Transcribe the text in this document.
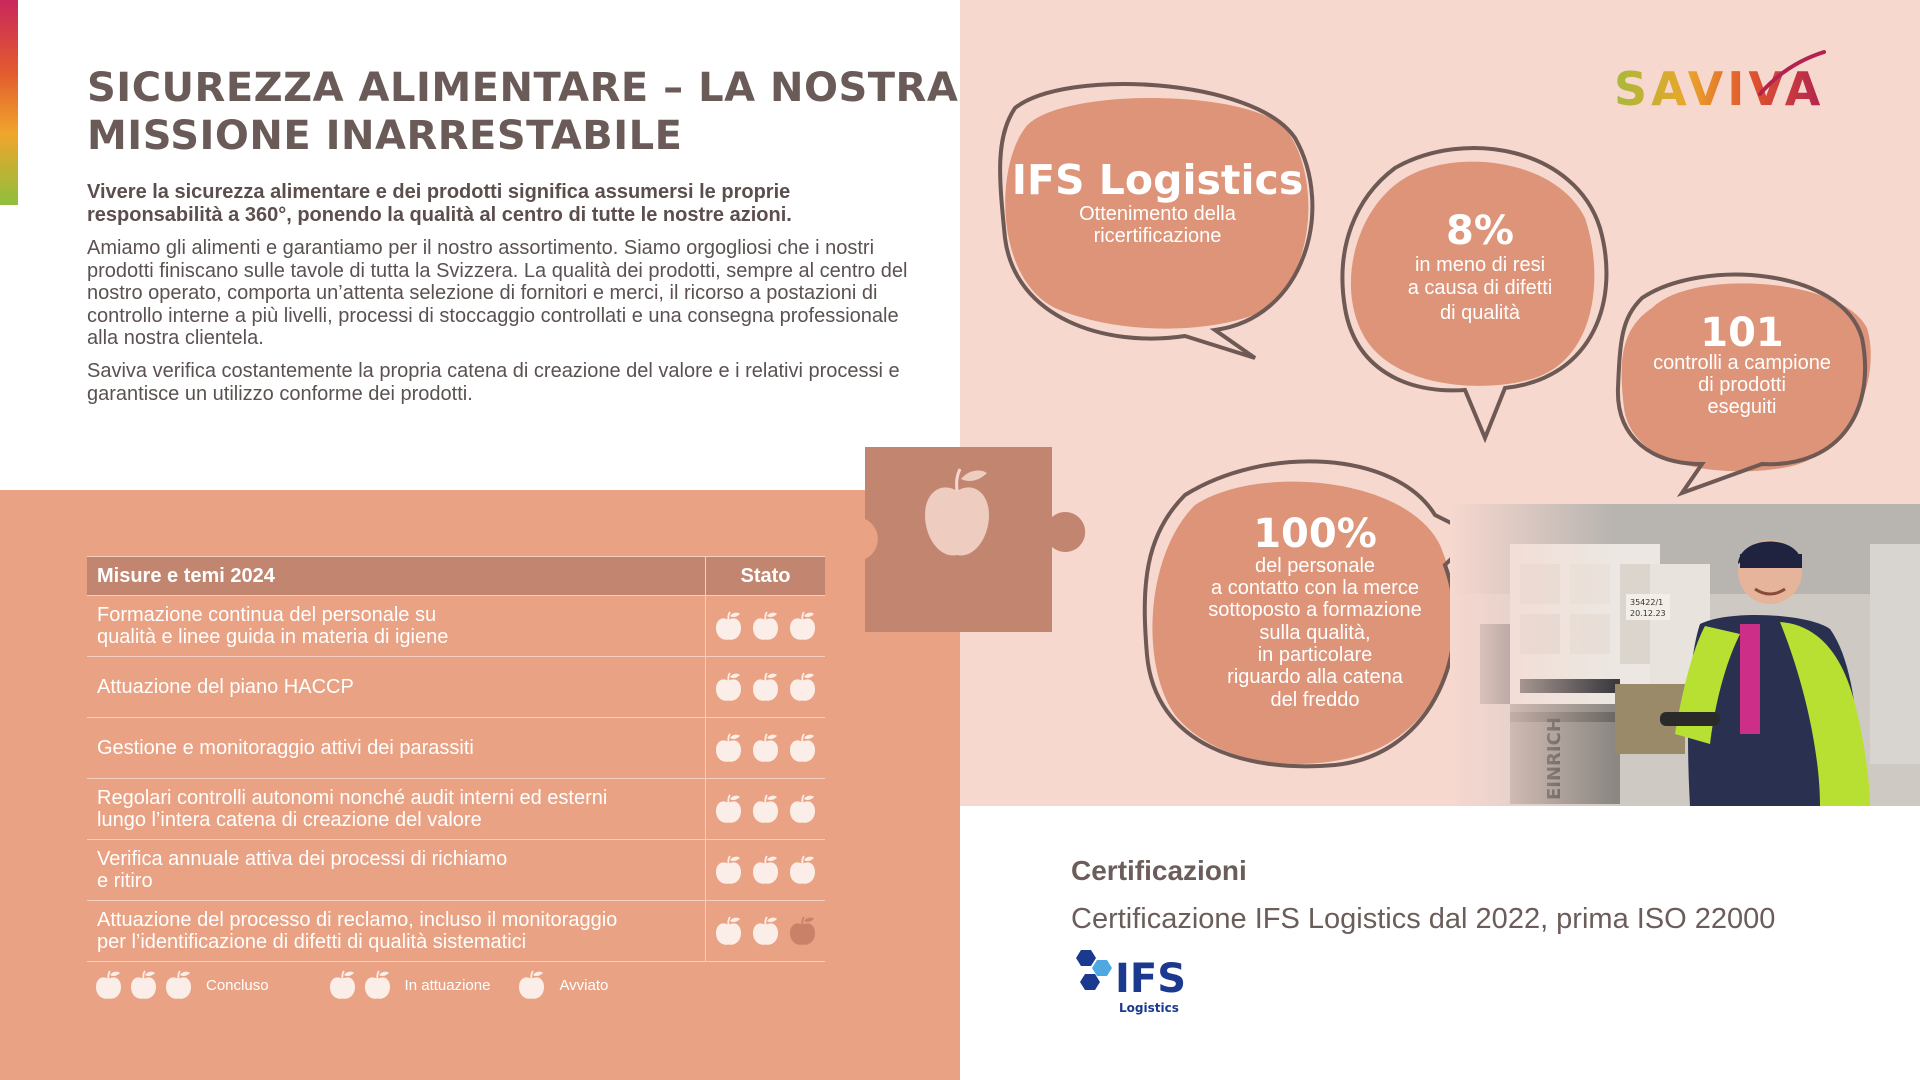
SICUREZZA ALIMENTARE – LA NOSTRA
MISSIONE INARRESTABILE

Vivere la sicurezza alimentare e dei prodotti significa assumersi le proprie responsabilità a 360°, ponendo la qualità al centro di tutte le nostre azioni.

Amiamo gli alimenti e garantiamo per il nostro assortimento. Siamo orgogliosi che i nostri prodotti finiscano sulle tavole di tutta la Svizzera. La qualità dei prodotti, sempre al centro del nostro operato, comporta un’attenta selezione di fornitori e merci, il ricorso a postazioni di controllo interne a più livelli, processi di stoccaggio controllati e una consegna professionale alla nostra clientela.

Saviva verifica costantemente la propria catena di creazione del valore e i relativi processi e garantisce un utilizzo conforme dei prodotti.

SAVIVA
IFS Logistics
Ottenimento della
ricertificazione	8%
in meno di resi
a causa di difetti
di qualità	101
controlli a campione
di prodotti
eseguiti
100%
del personale
a contatto con la merce
sottoposto a formazione
sulla qualità,
in particolare
riguardo alla catena
del freddo
Misure e temi 2024	Stato
Formazione continua del personale su
qualità e linee guida in materia di igiene
Attuazione del piano HACCP
Gestione e monitoraggio attivi dei parassiti
Regolari controlli autonomi nonché audit interni ed esterni
lungo l’intera catena di creazione del valore
Verifica annuale attiva dei processi di richiamo
e ritiro
Attuazione del processo di reclamo, incluso il monitoraggio
per l’identificazione di difetti di qualità sistematici
Concluso	In attuazione	Avviato
Certificazioni
Certificazione IFS Logistics dal 2022, prima ISO 22000
IFS
Logistics
